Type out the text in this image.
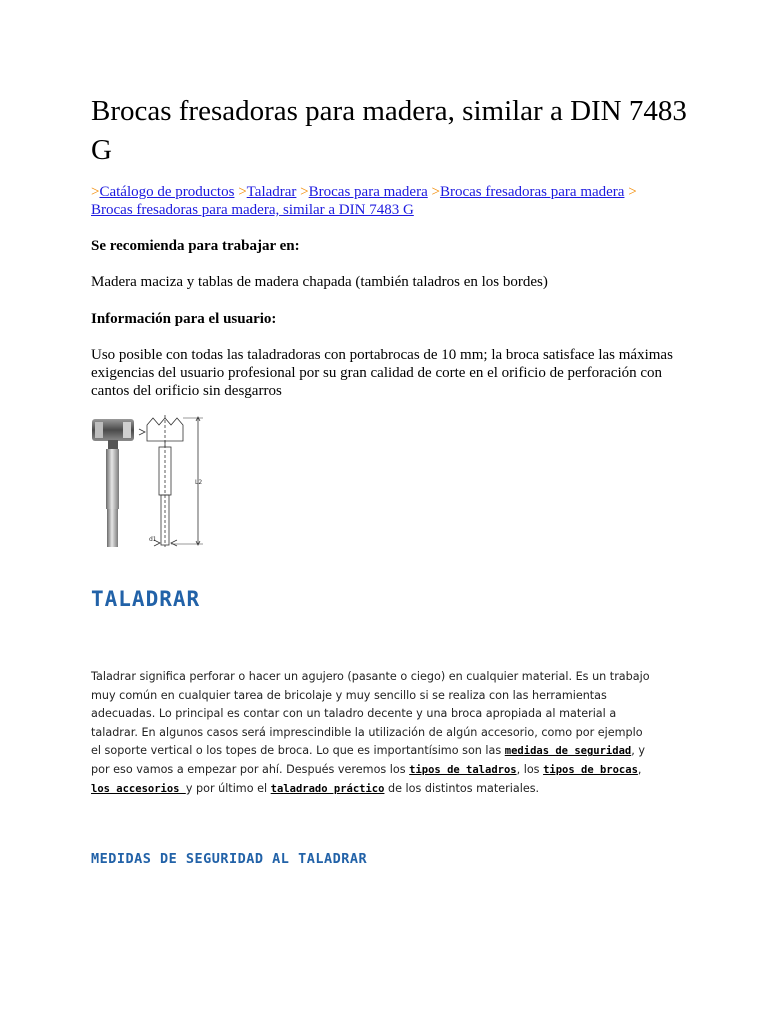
Brocas fresadoras para madera, similar a DIN 7483 G
>Catálogo de productos >Taladrar >Brocas para madera >Brocas fresadoras para madera >
Brocas fresadoras para madera, similar a DIN 7483 G
Se recomienda para trabajar en:
Madera maciza y tablas de madera chapada (también taladros en los bordes)
Información para el usuario:
Uso posible con todas las taladradoras con portabrocas de 10 mm; la broca satisface las máximas exigencias del usuario profesional por su gran calidad de corte en el orificio de perforación con cantos del orificio sin desgarros
L2
d1
TALADRAR
Taladrar significa perforar o hacer un agujero (pasante o ciego) en cualquier material. Es un trabajo muy común en cualquier tarea de bricolaje y muy sencillo si se realiza con las herramientas adecuadas. Lo principal es contar con un taladro decente y una broca apropiada al material a taladrar. En algunos casos será imprescindible la utilización de algún accesorio, como por ejemplo el soporte vertical o los topes de broca. Lo que es importantísimo son las medidas de seguridad, y por eso vamos a empezar por ahí. Después veremos los tipos de taladros, los tipos de brocas, los accesorios y por último el taladrado práctico de los distintos materiales.
MEDIDAS DE SEGURIDAD AL TALADRAR
